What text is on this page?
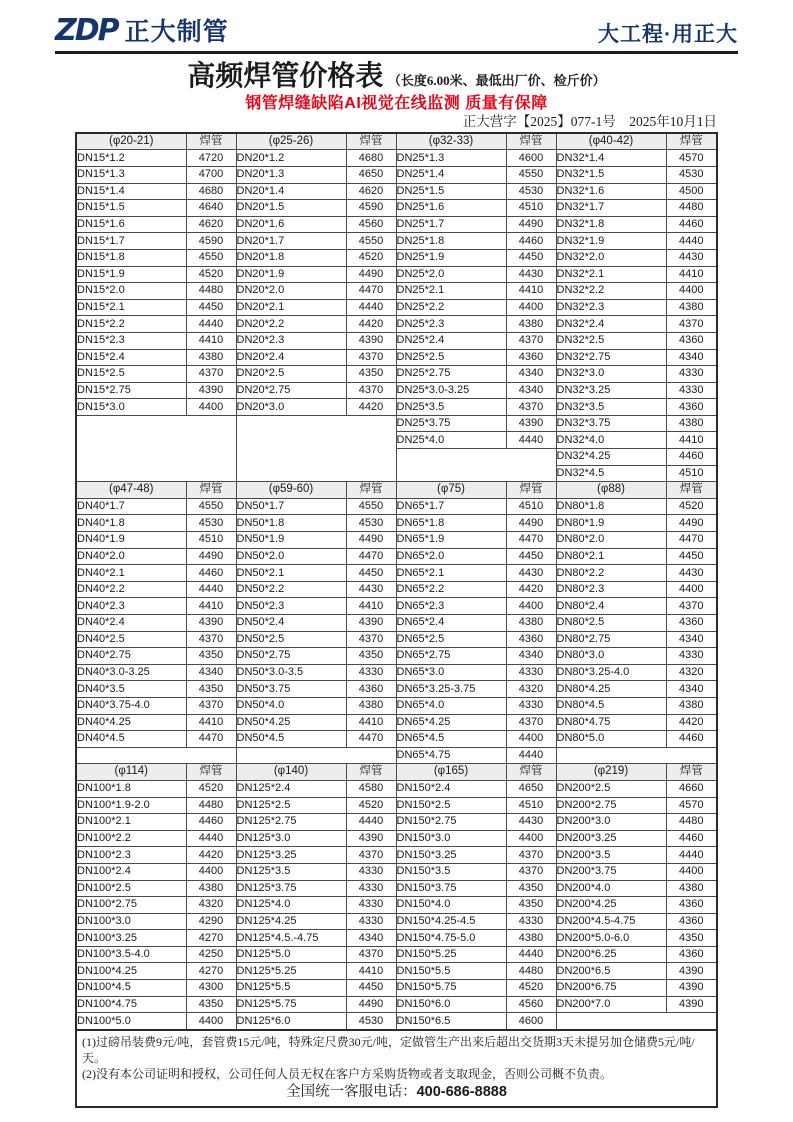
ZDP 正大制管	大工程·用正大
高频焊管价格表 （长度6.00米、最低出厂价、检斤价）
钢管焊缝缺陷AI视觉在线监测 质量有保障
正大营字【2025】077-1号　2025年10月1日
(φ20-21)	焊管	(φ25-26)	焊管	(φ32-33)	焊管	(φ40-42)	焊管
DN15*1.2	4720	DN20*1.2	4680	DN25*1.3	4600	DN32*1.4	4570
DN15*1.3	4700	DN20*1.3	4650	DN25*1.4	4550	DN32*1.5	4530
DN15*1.4	4680	DN20*1.4	4620	DN25*1.5	4530	DN32*1.6	4500
DN15*1.5	4640	DN20*1.5	4590	DN25*1.6	4510	DN32*1.7	4480
DN15*1.6	4620	DN20*1.6	4560	DN25*1.7	4490	DN32*1.8	4460
DN15*1.7	4590	DN20*1.7	4550	DN25*1.8	4460	DN32*1.9	4440
DN15*1.8	4550	DN20*1.8	4520	DN25*1.9	4450	DN32*2.0	4430
DN15*1.9	4520	DN20*1.9	4490	DN25*2.0	4430	DN32*2.1	4410
DN15*2.0	4480	DN20*2.0	4470	DN25*2.1	4410	DN32*2.2	4400
DN15*2.1	4450	DN20*2.1	4440	DN25*2.2	4400	DN32*2.3	4380
DN15*2.2	4440	DN20*2.2	4420	DN25*2.3	4380	DN32*2.4	4370
DN15*2.3	4410	DN20*2.3	4390	DN25*2.4	4370	DN32*2.5	4360
DN15*2.4	4380	DN20*2.4	4370	DN25*2.5	4360	DN32*2.75	4340
DN15*2.5	4370	DN20*2.5	4350	DN25*2.75	4340	DN32*3.0	4330
DN15*2.75	4390	DN20*2.75	4370	DN25*3.0-3.25	4340	DN32*3.25	4330
DN15*3.0	4400	DN20*3.0	4420	DN25*3.5	4370	DN32*3.5	4360
				DN25*3.75	4390	DN32*3.75	4380
				DN25*4.0	4440	DN32*4.0	4410
						DN32*4.25	4460
						DN32*4.5	4510
(φ47-48)	焊管	(φ59-60)	焊管	(φ75)	焊管	(φ88)	焊管
DN40*1.7	4550	DN50*1.7	4550	DN65*1.7	4510	DN80*1.8	4520
DN40*1.8	4530	DN50*1.8	4530	DN65*1.8	4490	DN80*1.9	4490
DN40*1.9	4510	DN50*1.9	4490	DN65*1.9	4470	DN80*2.0	4470
DN40*2.0	4490	DN50*2.0	4470	DN65*2.0	4450	DN80*2.1	4450
DN40*2.1	4460	DN50*2.1	4450	DN65*2.1	4430	DN80*2.2	4430
DN40*2.2	4440	DN50*2.2	4430	DN65*2.2	4420	DN80*2.3	4400
DN40*2.3	4410	DN50*2.3	4410	DN65*2.3	4400	DN80*2.4	4370
DN40*2.4	4390	DN50*2.4	4390	DN65*2.4	4380	DN80*2.5	4360
DN40*2.5	4370	DN50*2.5	4370	DN65*2.5	4360	DN80*2.75	4340
DN40*2.75	4350	DN50*2.75	4350	DN65*2.75	4340	DN80*3.0	4330
DN40*3.0-3.25	4340	DN50*3.0-3.5	4330	DN65*3.0	4330	DN80*3.25-4.0	4320
DN40*3.5	4350	DN50*3.75	4360	DN65*3.25-3.75	4320	DN80*4.25	4340
DN40*3.75-4.0	4370	DN50*4.0	4380	DN65*4.0	4330	DN80*4.5	4380
DN40*4.25	4410	DN50*4.25	4410	DN65*4.25	4370	DN80*4.75	4420
DN40*4.5	4470	DN50*4.5	4470	DN65*4.5	4400	DN80*5.0	4460
				DN65*4.75	4440		
(φ114)	焊管	(φ140)	焊管	(φ165)	焊管	(φ219)	焊管
DN100*1.8	4520	DN125*2.4	4580	DN150*2.4	4650	DN200*2.5	4660
DN100*1.9-2.0	4480	DN125*2.5	4520	DN150*2.5	4510	DN200*2.75	4570
DN100*2.1	4460	DN125*2.75	4440	DN150*2.75	4430	DN200*3.0	4480
DN100*2.2	4440	DN125*3.0	4390	DN150*3.0	4400	DN200*3.25	4460
DN100*2.3	4420	DN125*3.25	4370	DN150*3.25	4370	DN200*3.5	4440
DN100*2.4	4400	DN125*3.5	4330	DN150*3.5	4370	DN200*3.75	4400
DN100*2.5	4380	DN125*3.75	4330	DN150*3.75	4350	DN200*4.0	4380
DN100*2.75	4320	DN125*4.0	4330	DN150*4.0	4350	DN200*4.25	4360
DN100*3.0	4290	DN125*4.25	4330	DN150*4.25-4.5	4330	DN200*4.5-4.75	4360
DN100*3.25	4270	DN125*4.5.-4.75	4340	DN150*4.75-5.0	4380	DN200*5.0-6.0	4350
DN100*3.5-4.0	4250	DN125*5.0	4370	DN150*5.25	4440	DN200*6.25	4360
DN100*4.25	4270	DN125*5.25	4410	DN150*5.5	4480	DN200*6.5	4390
DN100*4.5	4300	DN125*5.5	4450	DN150*5.75	4520	DN200*6.75	4390
DN100*4.75	4350	DN125*5.75	4490	DN150*6.0	4560	DN200*7.0	4390
DN100*5.0	4400	DN125*6.0	4530	DN150*6.5	4600		
(1)过磅吊装费9元/吨，套管费15元/吨，特殊定尺费30元/吨，定做管生产出来后超出交货期3天未提另加仓储费5元/吨/天。
(2)没有本公司证明和授权，公司任何人员无权在客户方采购货物或者支取现金，否则公司概不负责。
全国统一客服电话：400-686-8888
